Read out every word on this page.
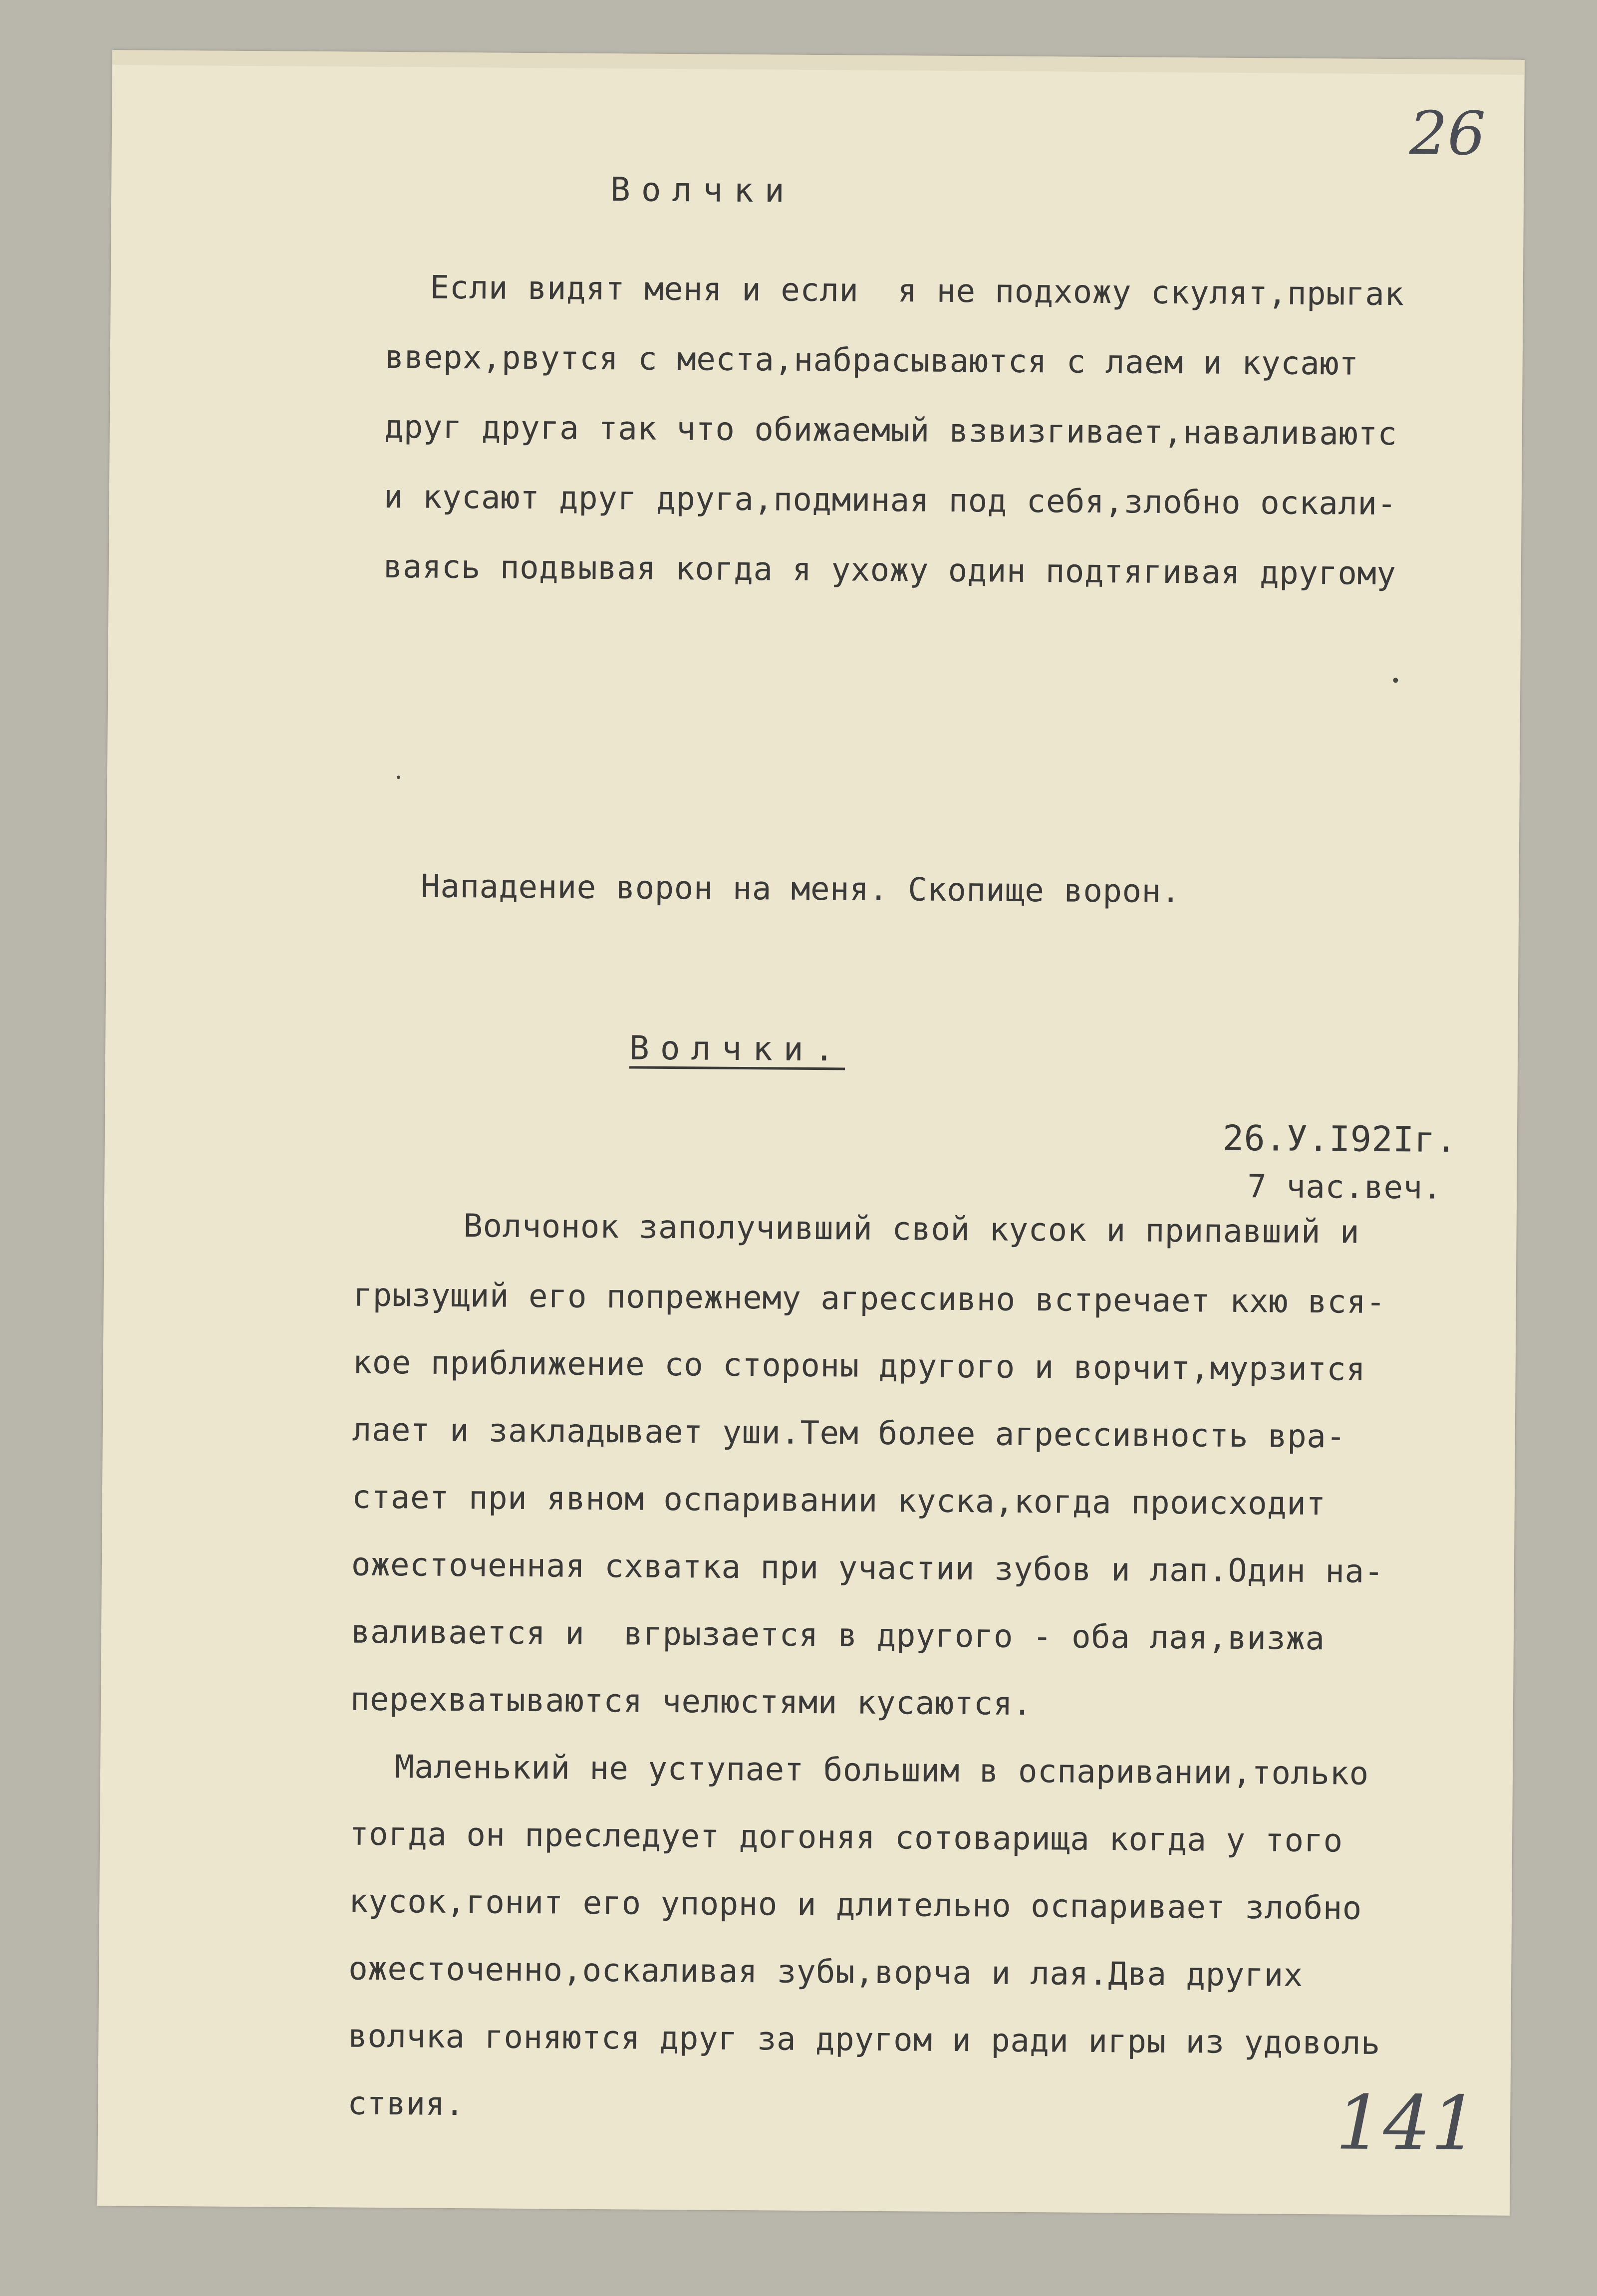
26
Волчки
Если видят меня и если  я не подхожу скулят,прыгак
вверх,рвутся с места,набрасываются с лаем и кусают
друг друга так что обижаемый взвизгивает,наваливаютс
и кусают друг друга,подминая под себя,злобно оскали-
ваясь подвывая когда я ухожу один подтягивая другому
Нападение ворон на меня. Скопище ворон.
Волчки.
26.У.I92Iг.
7 час.веч.
Волчонок заполучивший свой кусок и припавший и
грызущий его попрежнему агрессивно встречает кхю вся-
кое приближение со стороны другого и ворчит,мурзится
лает и закладывает уши.Тем более агрессивность вра-
стает при явном оспаривании куска,когда происходит
ожесточенная схватка при участии зубов и лап.Один на-
валивается и  вгрызается в другого - оба лая,визжа
перехватываются челюстями кусаются.
Маленький не уступает большим в оспаривании,только
тогда он преследует догоняя сотоварища когда у того
кусок,гонит его упорно и длительно оспаривает злобно
ожесточенно,оскаливая зубы,ворча и лая.Два других
волчка гоняются друг за другом и ради игры из удоволь
ствия.	141
